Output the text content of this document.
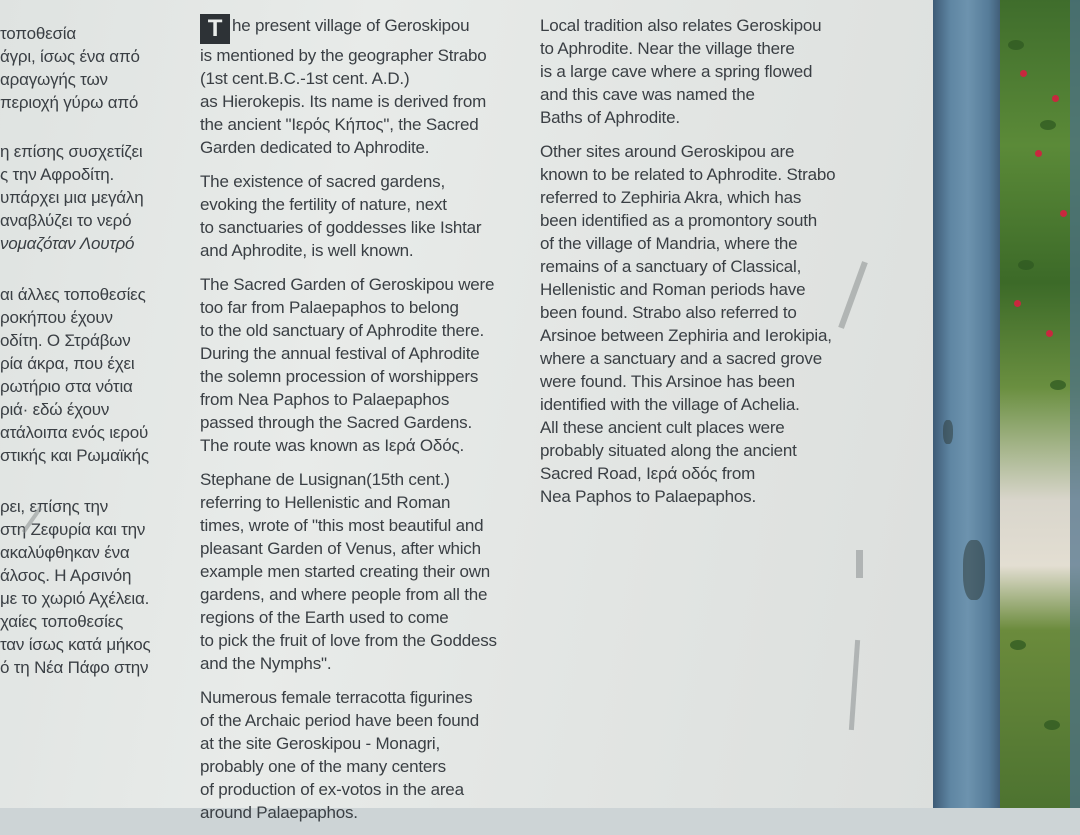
τοποθεσία
άγρι, ίσως ένα από
αραγωγής των
περιοχή γύρω από

η επίσης συσχετίζει
ς την Αφροδίτη.
υπάρχει μια μεγάλη
αναβλύζει το νερό
νομαζόταν Λουτρό

αι άλλες τοποθεσίες
ροκήπου έχουν
οδίτη. Ο Στράβων
ρία άκρα, που έχει
ρωτήριο στα νότια
ριά· εδώ έχουν
ατάλοιπα ενός ιερού
στικής και Ρωμαϊκής

ρει, επίσης την
στη Ζεφυρία και την
ακαλύφθηκαν ένα
άλσος. Η Αρσινόη
με το χωριό Αχέλεια.
χαίες τοποθεσίες
ταν ίσως κατά μήκος
ό τη Νέα Πάφο στην

T he present village of Geroskipou
is mentioned by the geographer Strabo
(1st cent.B.C.-1st cent. A.D.)
as Hierokepis. Its name is derived from
the ancient "Ιερός Κήπος", the Sacred
Garden dedicated to Aphrodite.

The existence of sacred gardens,
evoking the fertility of nature, next
to sanctuaries of goddesses like Ishtar
and Aphrodite, is well known.

The Sacred Garden of Geroskipou were
too far from Palaepaphos to belong
to the old sanctuary of Aphrodite there.
During the annual festival of Aphrodite
the solemn procession of worshippers
from Nea Paphos to Palaepaphos
passed through the Sacred Gardens.
The route was known as Ιερά Οδός.

Stephane de Lusignan(15th cent.)
referring to Hellenistic and Roman
times, wrote of "this most beautiful and
pleasant Garden of Venus, after which
example men started creating their own
gardens, and where people from all the
regions of the Earth used to come
to pick the fruit of love from the Goddess
and the Nymphs".

Numerous female terracotta figurines
of the Archaic period have been found
at the site Geroskipou - Monagri,
probably one of the many centers
of production of ex-votos in the area
around Palaepaphos.

Local tradition also relates Geroskipou
to Aphrodite. Near the village there
is a large cave where a spring flowed
and this cave was named the
Baths of Aphrodite.

Other sites around Geroskipou are
known to be related to Aphrodite. Strabo
referred to Zephiria Akra, which has
been identified as a promontory south
of the village of Mandria, where the
remains of a sanctuary of Classical,
Hellenistic and Roman periods have
been found. Strabo also referred to
Arsinoe between Zephiria and Ierokipia,
where a sanctuary and a sacred grove
were found. This Arsinoe has been
identified with the village of Achelia.
All these ancient cult places were
probably situated along the ancient
Sacred Road, Ιερά οδός from
Nea Paphos to Palaepaphos.
